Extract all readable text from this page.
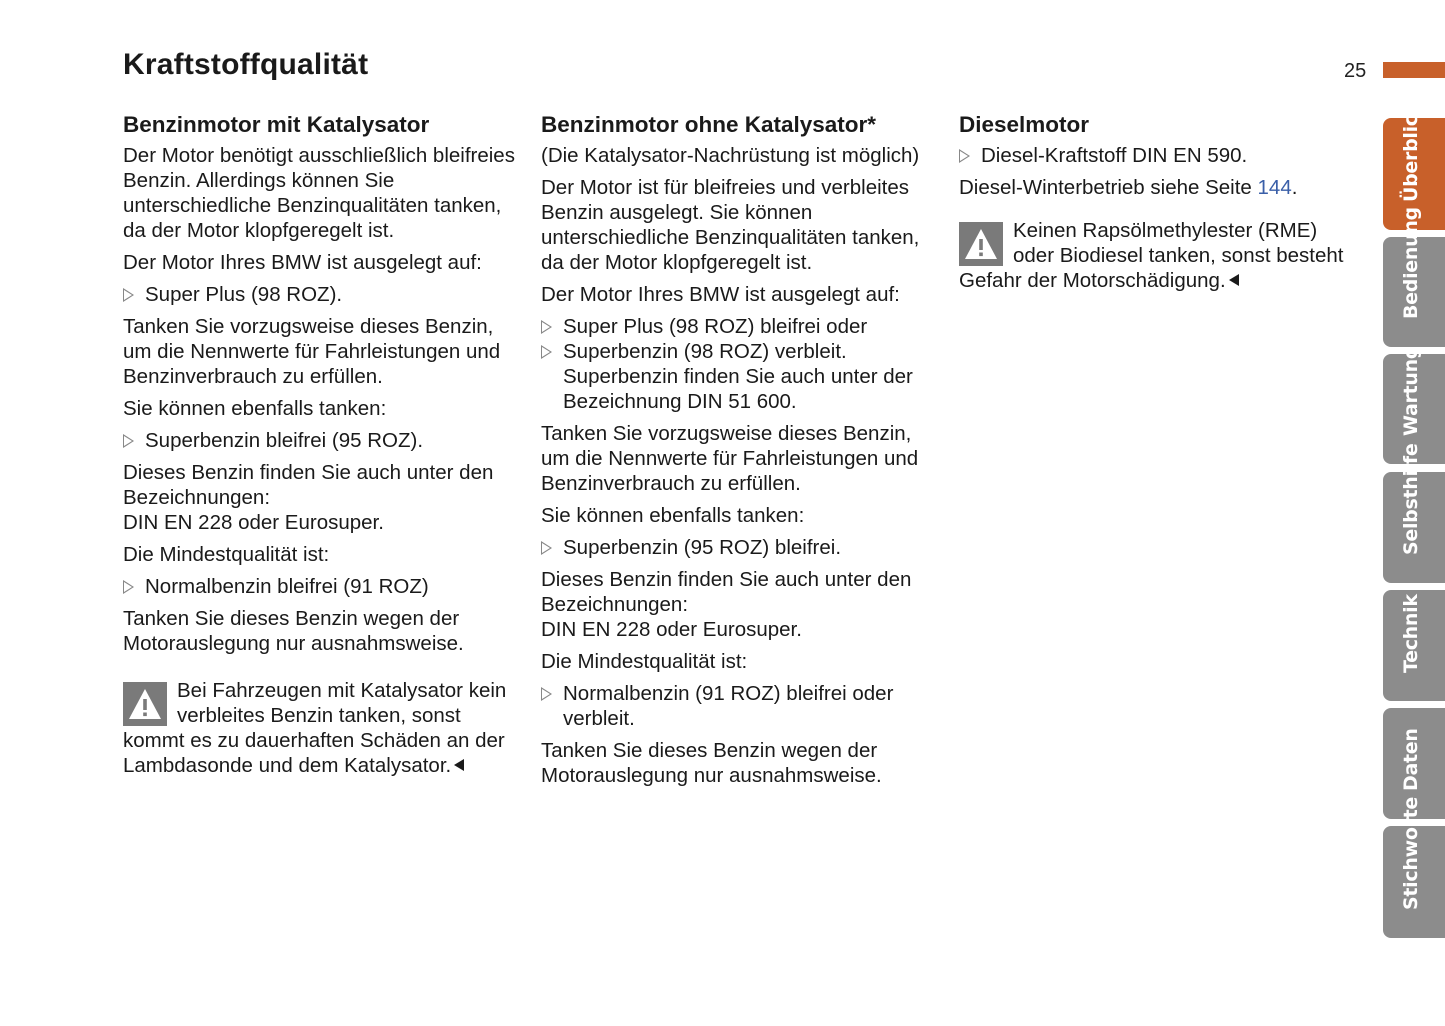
Kraftstoffqualität	25
Benzinmotor mit Katalysator

Der Motor benötigt ausschließlich bleifreies Benzin. Allerdings können Sie unterschiedliche Benzinqualitäten tanken, da der Motor klopfgeregelt ist.

Der Motor Ihres BMW ist ausgelegt auf:

Super Plus (98 ROZ).

Tanken Sie vorzugsweise dieses Benzin, um die Nennwerte für Fahrleistungen und Benzinverbrauch zu erfüllen.

Sie können ebenfalls tanken:

Superbenzin bleifrei (95 ROZ).

Dieses Benzin finden Sie auch unter den Bezeichnungen:
DIN EN 228 oder Eurosuper.

Die Mindestqualität ist:

Normalbenzin bleifrei (91 ROZ)

Tanken Sie dieses Benzin wegen der Motorauslegung nur ausnahmsweise.

Bei Fahrzeugen mit Katalysator kein verbleites Benzin tanken, sonst kommt es zu dauerhaften Schäden an der Lambdasonde und dem Katalysator.
Benzinmotor ohne Katalysator*

(Die Katalysator-Nachrüstung ist möglich)

Der Motor ist für bleifreies und verbleites Benzin ausgelegt. Sie können unterschiedliche Benzinqualitäten tanken, da der Motor klopfgeregelt ist.

Der Motor Ihres BMW ist ausgelegt auf:

Super Plus (98 ROZ) bleifrei oder
Superbenzin (98 ROZ) verbleit. Superbenzin finden Sie auch unter der Bezeichnung DIN 51 600.

Tanken Sie vorzugsweise dieses Benzin, um die Nennwerte für Fahrleistungen und Benzinverbrauch zu erfüllen.

Sie können ebenfalls tanken:

Superbenzin (95 ROZ) bleifrei.

Dieses Benzin finden Sie auch unter den Bezeichnungen:
DIN EN 228 oder Eurosuper.

Die Mindestqualität ist:

Normalbenzin (91 ROZ) bleifrei oder verbleit.

Tanken Sie dieses Benzin wegen der Motorauslegung nur ausnahmsweise.

Dieselmotor
Diesel-Kraftstoff DIN EN 590.

Diesel-Winterbetrieb siehe Seite 144.

Keinen Rapsölmethylester (RME) oder Biodiesel tanken, sonst besteht Gefahr der Motorschädigung.
Überblick
Bedienung
Wartung
Selbsthilfe
Technik
Daten
Stichworte
